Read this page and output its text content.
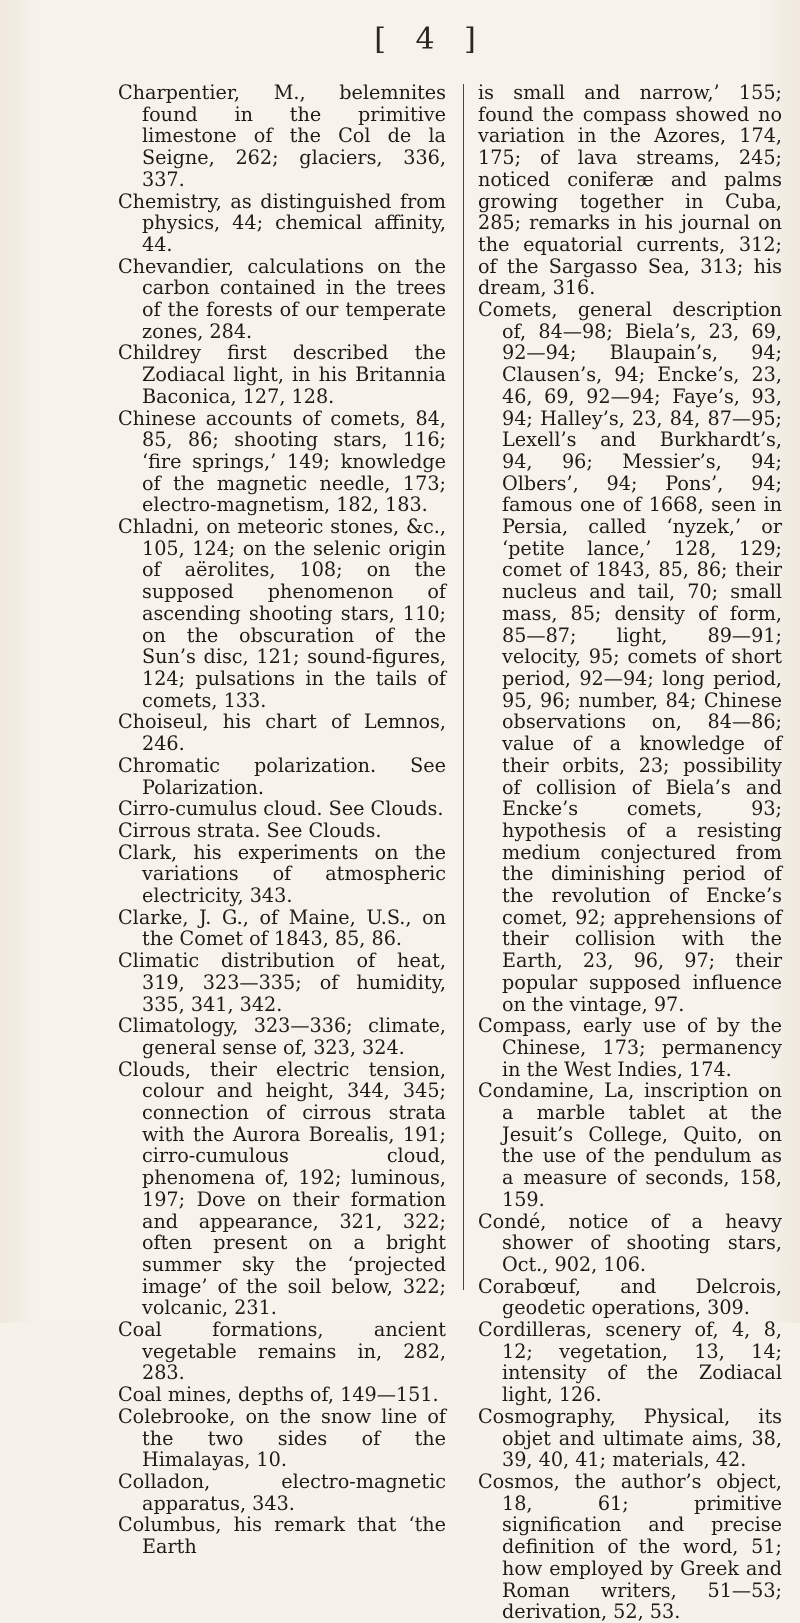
[ 4 ]

Charpentier, M., belemnites found in the primitive limestone of the Col de la Seigne, 262; glaciers, 336, 337.

Chemistry, as distinguished from physics, 44; chemical affinity, 44.

Chevandier, calculations on the carbon contained in the trees of the forests of our temperate zones, 284.

Childrey first described the Zodiacal light, in his Britannia Baconica, 127, 128.

Chinese accounts of comets, 84, 85, 86; shooting stars, 116; ‘fire springs,’ 149; knowledge of the magnetic needle, 173; electro-magnetism, 182, 183.

Chladni, on meteoric stones, &c., 105, 124; on the selenic origin of aërolites, 108; on the supposed phenomenon of ascending shooting stars, 110; on the obscuration of the Sun’s disc, 121; sound-figures, 124; pulsations in the tails of comets, 133.

Choiseul, his chart of Lemnos, 246.

Chromatic polarization. See Polarization.

Cirro-cumulus cloud. See Clouds.

Cirrous strata. See Clouds.

Clark, his experiments on the variations of atmospheric electricity, 343.

Clarke, J. G., of Maine, U.S., on the Comet of 1843, 85, 86.

Climatic distribution of heat, 319, 323—335; of humidity, 335, 341, 342.

Climatology, 323—336; climate, general sense of, 323, 324.

Clouds, their electric tension, colour and height, 344, 345; connection of cirrous strata with the Aurora Borealis, 191; cirro-cumulous cloud, phenomena of, 192; luminous, 197; Dove on their formation and appearance, 321, 322; often present on a bright summer sky the ‘projected image’ of the soil below, 322; volcanic, 231.

Coal formations, ancient vegetable remains in, 282, 283.

Coal mines, depths of, 149—151.

Colebrooke, on the snow line of the two sides of the Himalayas, 10.

Colladon, electro-magnetic apparatus, 343.

Columbus, his remark that ‘the Earth

is small and narrow,’ 155; found the compass showed no variation in the Azores, 174, 175; of lava streams, 245; noticed coniferæ and palms growing together in Cuba, 285; remarks in his journal on the equatorial currents, 312; of the Sargasso Sea, 313; his dream, 316.

Comets, general description of, 84—98; Biela’s, 23, 69, 92—94; Blaupain’s, 94; Clausen’s, 94; Encke’s, 23, 46, 69, 92—94; Faye’s, 93, 94; Halley’s, 23, 84, 87—95; Lexell’s and Burkhardt’s, 94, 96; Messier’s, 94; Olbers’, 94; Pons’, 94; famous one of 1668, seen in Persia, called ‘nyzek,’ or ‘petite lance,’ 128, 129; comet of 1843, 85, 86; their nucleus and tail, 70; small mass, 85; density of form, 85—87; light, 89—91; velocity, 95; comets of short period, 92—94; long period, 95, 96; number, 84; Chinese observations on, 84—86; value of a knowledge of their orbits, 23; possibility of collision of Biela’s and Encke’s comets, 93; hypothesis of a resisting medium conjectured from the diminishing period of the revolution of Encke’s comet, 92; apprehensions of their collision with the Earth, 23, 96, 97; their popular supposed influence on the vintage, 97.

Compass, early use of by the Chinese, 173; permanency in the West Indies, 174.

Condamine, La, inscription on a marble tablet at the Jesuit’s College, Quito, on the use of the pendulum as a measure of seconds, 158, 159.

Condé, notice of a heavy shower of shooting stars, Oct., 902, 106.

Corabœuf, and Delcrois, geodetic operations, 309.

Cordilleras, scenery of, 4, 8, 12; vegetation, 13, 14; intensity of the Zodiacal light, 126.

Cosmography, Physical, its objet and ultimate aims, 38, 39, 40, 41; materials, 42.

Cosmos, the author’s object, 18, 61; primitive signification and precise definition of the word, 51; how employed by Greek and Roman writers, 51—53; derivation, 52, 53.
